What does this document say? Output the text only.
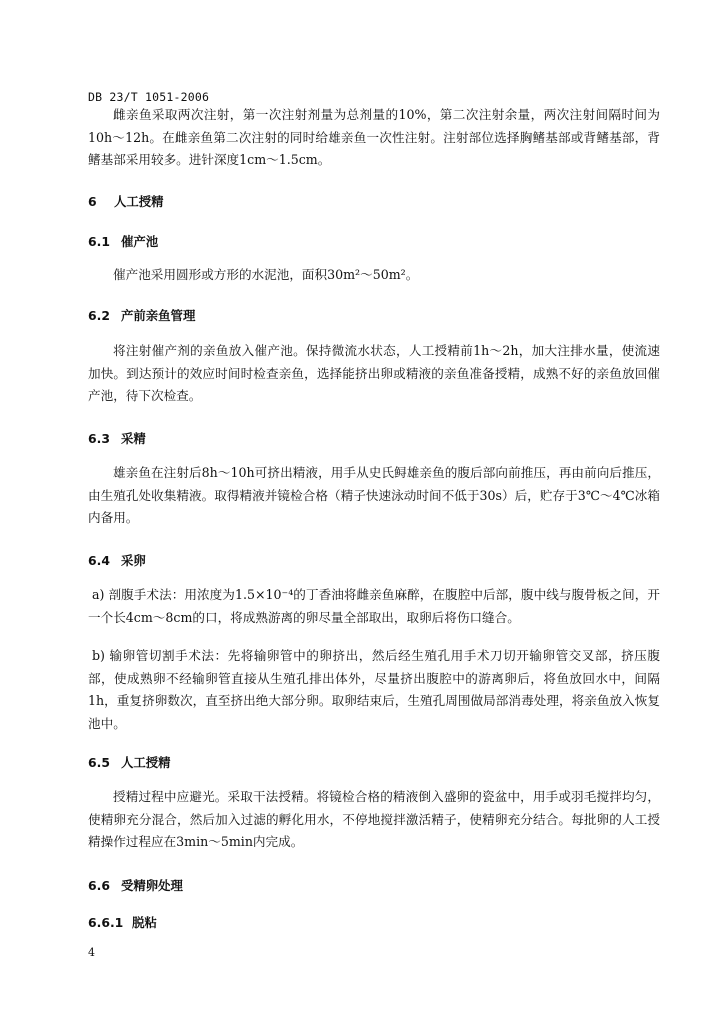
DB 23/T 1051-2006

雌亲鱼采取两次注射，第一次注射剂量为总剂量的10%，第二次注射余量，两次注射间隔时间为10h～12h。在雌亲鱼第二次注射的同时给雄亲鱼一次性注射。注射部位选择胸鳍基部或背鳍基部，背鳍基部采用较多。进针深度1cm～1.5cm。

6 人工授精
6.1 催产池

催产池采用圆形或方形的水泥池，面积30m²～50m²。

6.2 产前亲鱼管理

将注射催产剂的亲鱼放入催产池。保持微流水状态，人工授精前1h～2h，加大注排水量，使流速加快。到达预计的效应时间时检查亲鱼，选择能挤出卵或精液的亲鱼准备授精，成熟不好的亲鱼放回催产池，待下次检查。

6.3 采精

雄亲鱼在注射后8h～10h可挤出精液，用手从史氏鲟雄亲鱼的腹后部向前推压，再由前向后推压，由生殖孔处收集精液。取得精液并镜检合格（精子快速泳动时间不低于30s）后，贮存于3℃～4℃冰箱内备用。

6.4 采卵

a) 剖腹手术法：用浓度为1.5×10⁻⁴的丁香油将雌亲鱼麻醉，在腹腔中后部，腹中线与腹骨板之间，开一个长4cm～8cm的口，将成熟游离的卵尽量全部取出，取卵后将伤口缝合。

b) 输卵管切割手术法：先将输卵管中的卵挤出，然后经生殖孔用手术刀切开输卵管交叉部，挤压腹部，使成熟卵不经输卵管直接从生殖孔排出体外，尽量挤出腹腔中的游离卵后，将鱼放回水中，间隔1h，重复挤卵数次，直至挤出绝大部分卵。取卵结束后，生殖孔周围做局部消毒处理，将亲鱼放入恢复池中。

6.5 人工授精

授精过程中应避光。采取干法授精。将镜检合格的精液倒入盛卵的瓷盆中，用手或羽毛搅拌均匀，使精卵充分混合，然后加入过滤的孵化用水，不停地搅拌激活精子，使精卵充分结合。每批卵的人工授精操作过程应在3min～5min内完成。

6.6 受精卵处理
6.6.1 脱粘
4
